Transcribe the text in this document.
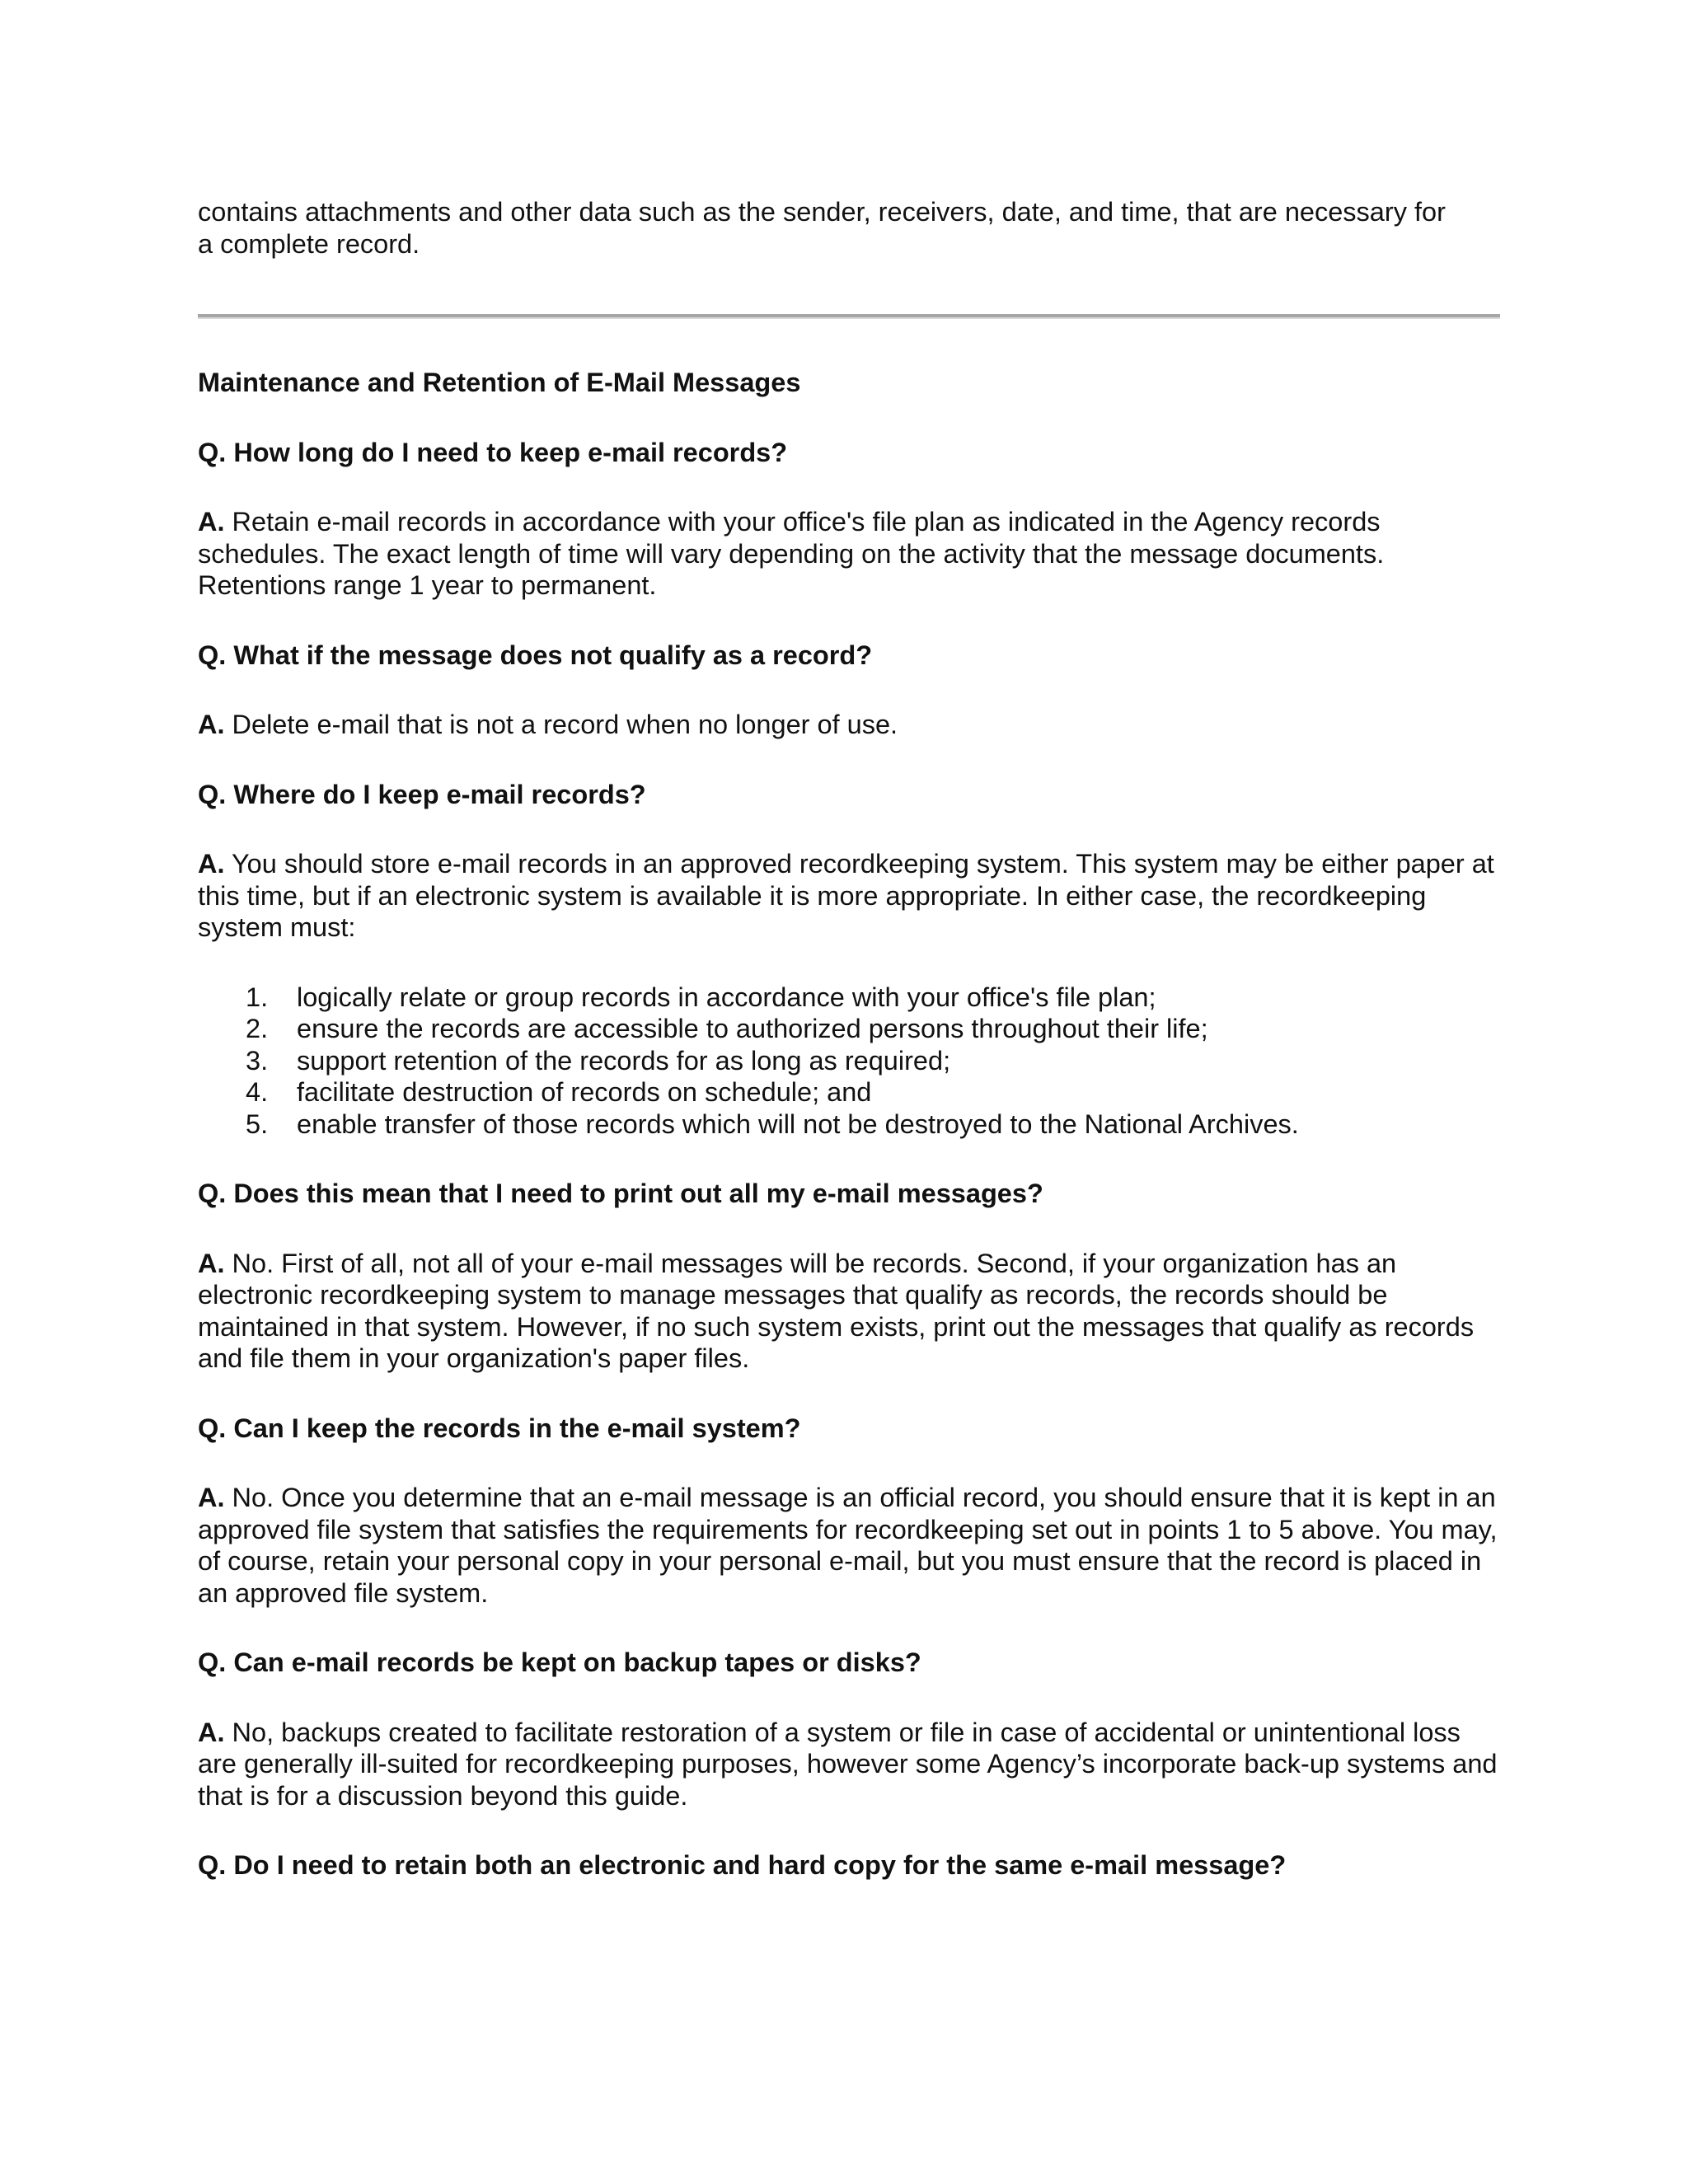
contains attachments and other data such as the sender, receivers, date, and time, that are necessary for
a complete record.

Maintenance and Retention of E-Mail Messages

Q. How long do I need to keep e-mail records?

A. Retain e-mail records in accordance with your office's file plan as indicated in the Agency records schedules. The exact length of time will vary depending on the activity that the message documents. Retentions range 1 year to permanent.

Q. What if the message does not qualify as a record?

A. Delete e-mail that is not a record when no longer of use.

Q. Where do I keep e-mail records?

A. You should store e-mail records in an approved recordkeeping system. This system may be either paper at this time, but if an electronic system is available it is more appropriate. In either case, the recordkeeping system must:

1.	logically relate or group records in accordance with your office's file plan;
2.	ensure the records are accessible to authorized persons throughout their life;
3.	support retention of the records for as long as required;
4.	facilitate destruction of records on schedule; and
5.	enable transfer of those records which will not be destroyed to the National Archives.

Q. Does this mean that I need to print out all my e-mail messages?

A. No. First of all, not all of your e-mail messages will be records. Second, if your organization has an electronic recordkeeping system to manage messages that qualify as records, the records should be maintained in that system. However, if no such system exists, print out the messages that qualify as records and file them in your organization's paper files.

Q. Can I keep the records in the e-mail system?

A. No. Once you determine that an e-mail message is an official record, you should ensure that it is kept in an approved file system that satisfies the requirements for recordkeeping set out in points 1 to 5 above. You may, of course, retain your personal copy in your personal e-mail, but you must ensure that the record is placed in an approved file system.

Q. Can e-mail records be kept on backup tapes or disks?

A. No, backups created to facilitate restoration of a system or file in case of accidental or unintentional loss are generally ill-suited for recordkeeping purposes, however some Agency’s incorporate back-up systems and that is for a discussion beyond this guide.

Q. Do I need to retain both an electronic and hard copy for the same e-mail message?
